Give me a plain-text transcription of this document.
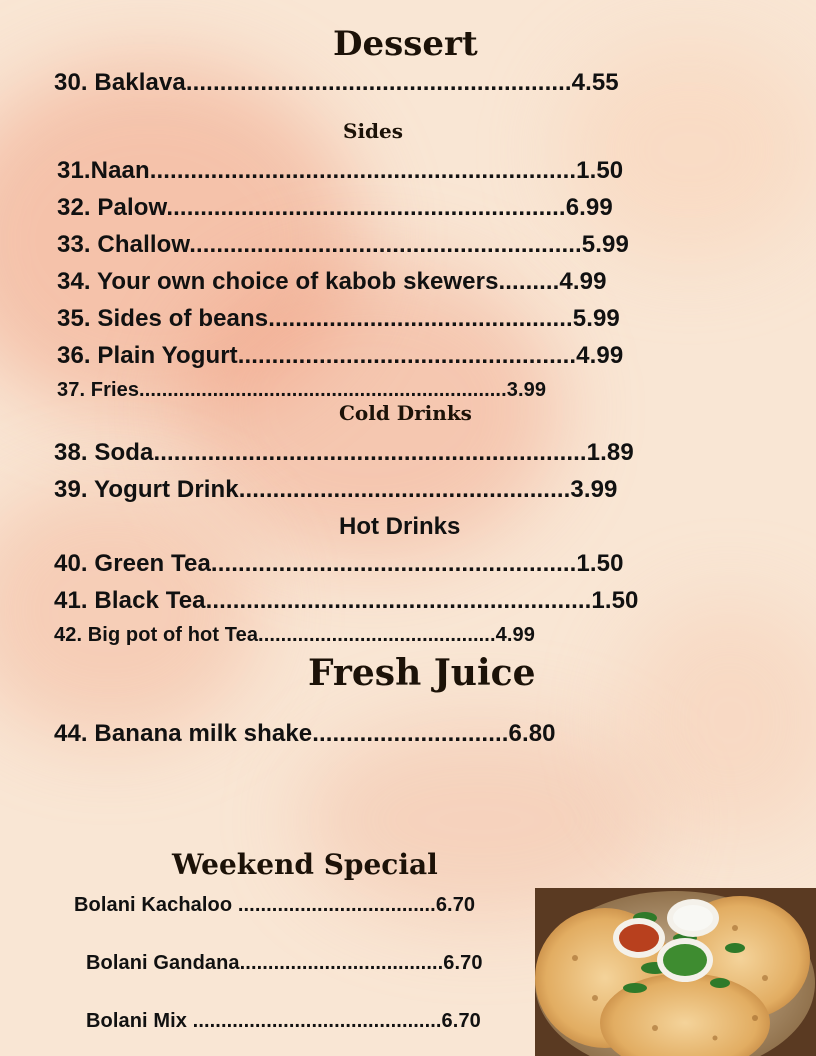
Dessert
30. Baklava.........................................................4.55
Sides
31.Naan...............................................................1.50
32. Palow...........................................................6.99
33. Challow..........................................................5.99
34. Your own choice of kabob skewers.........4.99
35. Sides of beans.............................................5.99
36. Plain Yogurt..................................................4.99
37. Fries.................................................................3.99
Cold Drinks
38. Soda................................................................1.89
39. Yogurt Drink.................................................3.99
Hot Drinks
40. Green Tea......................................................1.50
41. Black Tea.........................................................1.50
42. Big pot of hot Tea..........................................4.99
Fresh Juice
44. Banana milk shake.............................6.80
Weekend Special
Bolani Kachaloo ...................................6.70
Bolani Gandana....................................6.70
Bolani Mix ............................................6.70
